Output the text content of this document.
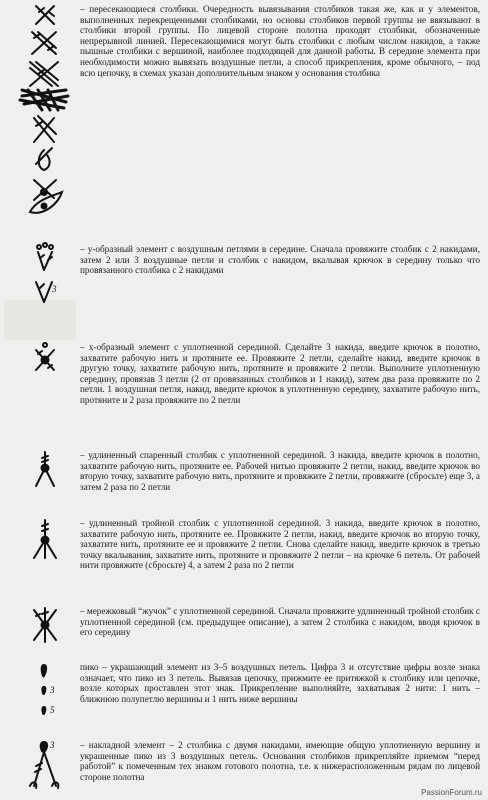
– пересекающиеся столбики. Очередность вывязывания столбиков такая же, как и у элементов, выполненных перекрещенными столбиками, но основы столбиков первой группы не ввязывают в столбики второй группы. По лицевой стороне полотна проходят столбики, обозначенные непрерывной линией. Пересекающимися могут быть столбики с любым числом накидов, а также пышные столбики с вершиной, наиболее подходящей для данной работы. В середине элемента при необходимости можно вывязать воздушные петли, а способ прикрепления, кроме обычного, – под всю цепочку, в схемах указан дополнительным знаком у основания столбика

3

– у-образный элемент с воздушным петлями в середине. Сначала провяжите столбик с 2 накидами, затем 2 или 3 воздушные петли и столбик с накидом, вкалывая крючок в середину только что провязанного столбика с 2 накидами

– х-образный элемент с уплотненной серединой. Сделайте 3 накида, введите крючок в полотно, захватите рабочую нить и протяните ее. Провяжите 2 петли, сделайте накид, введите крючок в другую точку, захватите рабочую нить, протяните и провяжите 2 петли. Выполните уплотненную середину, провязав 3 петли (2 от провязанных столбиков и 1 накид), затем два раза провяжите по 2 петли. 1 воздушная петля, накид, введите крючок в уплотненную середину, захватите рабочую нить, протяните и 2 раза провяжите по 2 петли

– удлиненный спаренный столбик с уплотненной серединой. 3 накида, введите крючок в полотно, захватите рабочую нить, протяните ее. Рабочей нитью провяжите 2 петли, накид, введите крючок во вторую точку, захватите рабочую нить, протяните и провяжите 2 петли, провяжите (сбросьте) еще 3, а затем 2 раза по 2 петли

– удлиненный тройной столбик с уплотненной серединой. 3 накида, введите крючок в полотно, захватите рабочую нить, протяните ее. Провяжите 2 петли, накид, введите крючок во вторую точку, захватите нить, протяните ее и провяжите 2 петли. Снова сделайте накид, введите крючок в третью точку вкалывания, захватите нить, протяните и провяжите 2 петли – на крючке 6 петель. От рабочей нити провяжите (сбросьте) 4, а затем 2 раза по 2 петли

– мережковый “жучок” с уплотненной серединой. Сначала провяжите удлиненный тройной столбик с уплотненной серединой (см. предыдущее описание), а затем 2 столбика с накидом, вводя крючок в его середину

3
5

пико – украшающий элемент из 3–5 воздушных петель. Цифра 3 и отсутствие цифры возле знака означает, что пико из 3 петель. Вывязав цепочку, прижмите ее притяжкой к столбику или цепочке, возле которых проставлен этот знак. Прикрепление выполняйте, захватывая 2 нити: 1 нить – ближнюю полупетлю вершины и 1 нить ниже вершины

3	– накладной элемент – 2 столбика с двумя накидами, имеющие общую уплотненную вершину и украшенные пико из 3 воздушных петель. Основания столбиков прикрепляйте приемом “перед работой” к помеченным тех знаком готового полотна, т.е. к нижерасположенным рядам по лицевой стороне полотна

PassionForum.ru
